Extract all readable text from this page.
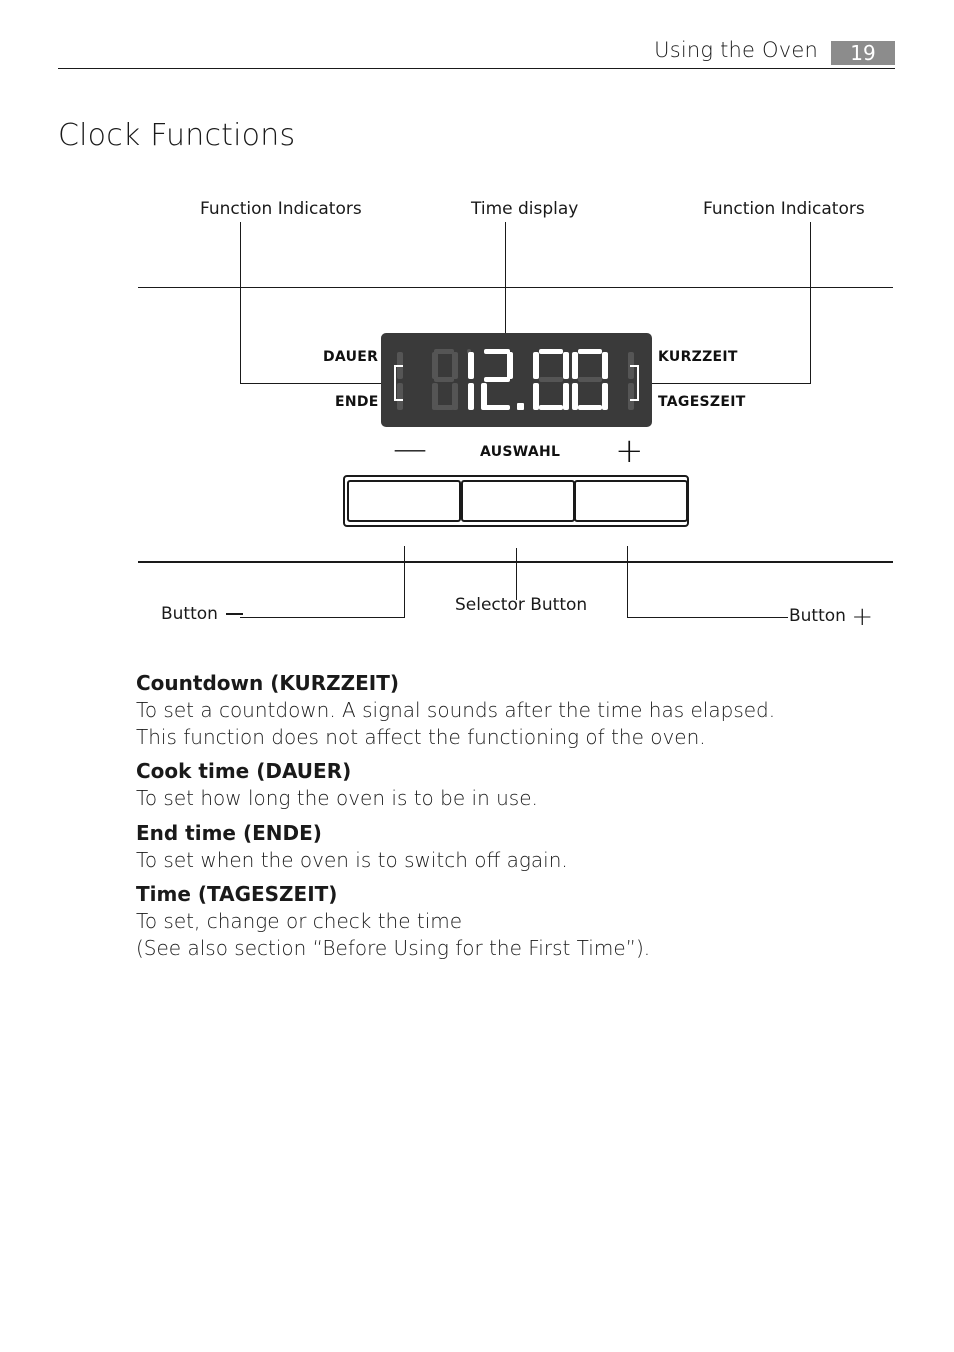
Using the Oven	19
Clock Functions
Function Indicators	Time display	Function Indicators
DAUER
ENDE
KURZZEIT
TAGESZEIT
—	AUSWAHL +
Button	Selector Button
Button +
Countdown (KURZZEIT)
To set a countdown. A signal sounds after the time has elapsed.
This function does not affect the functioning of the oven.
Cook time (DAUER)
To set how long the oven is to be in use.
End time (ENDE)
To set when the oven is to switch off again.
Time (TAGESZEIT)
To set, change or check the time
(See also section “Before Using for the First Time”).
